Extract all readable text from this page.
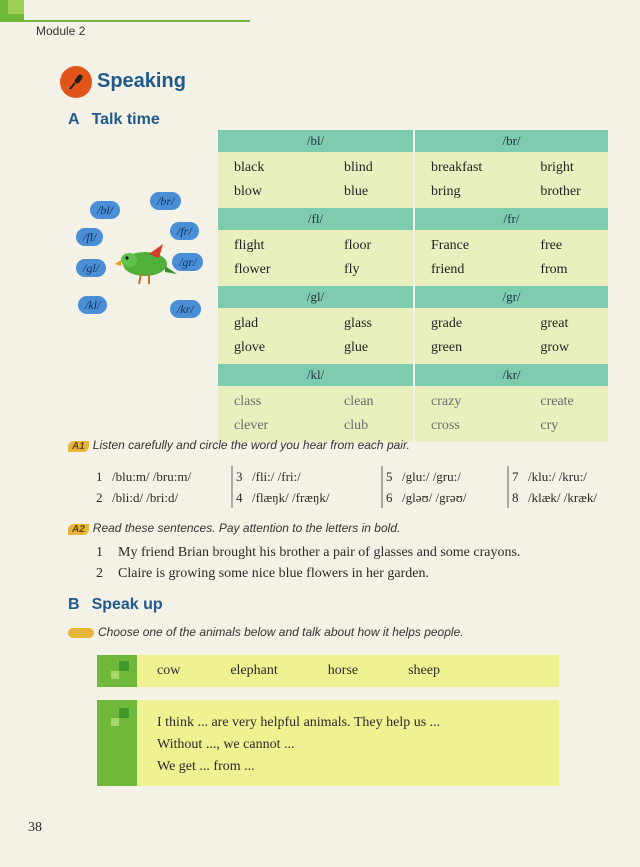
Module 2
Speaking
A Talk time
/bl/
/br/
/fl/	/fr/
/gl/	/gr/
/kl/	/kr/
/bl/	/br/
black	blind
blow	blue
breakfast	bright
bring	brother
/fl/	/fr/
flight	floor
flower	fly
France	free
friend	from
/gl/	/gr/
glad	glass
glove	glue
grade	great
green	grow
/kl/	/kr/
class	clean
clever	club
crazy	create
cross	cry
A1 Listen carefully and circle the word you hear from each pair.
1 /blu:m/ /bru:m/	3 /fli:/ /fri:/	5 /glu:/ /gru:/	7 /klu:/ /kru:/
2 /bli:d/ /bri:d/	4 /flæŋk/ /fræŋk/	6 /gləʊ/ /grəʊ/	8 /klæk/ /kræk/
A2 Read these sentences. Pay attention to the letters in bold.
1 My friend Brian brought his brother a pair of glasses and some crayons.
2 Claire is growing some nice blue flowers in her garden.
B Speak up
Choose one of the animals below and talk about how it helps people.
cow	elephant	horse	sheep
I think ... are very helpful animals. They help us ...
Without ..., we cannot ...
We get ... from ...
38
